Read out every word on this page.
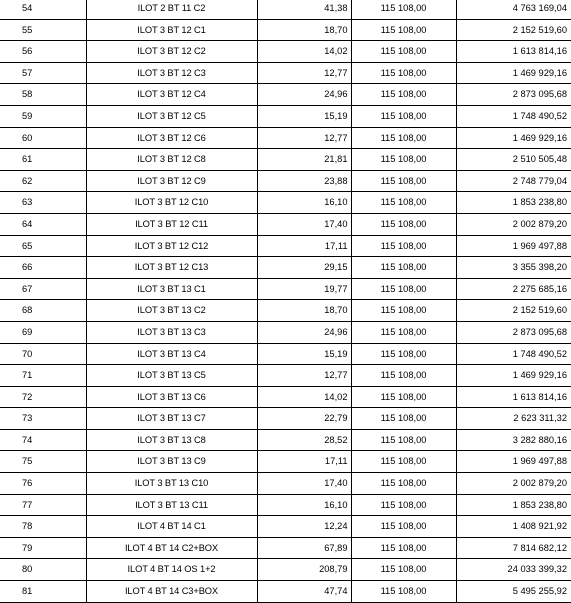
54	ILOT 2 BT 11 C2	41,38	115 108,00	4 763 169,04
55	ILOT 3 BT 12 C1	18,70	115 108,00	2 152 519,60
56	ILOT 3 BT 12 C2	14,02	115 108,00	1 613 814,16
57	ILOT 3 BT 12 C3	12,77	115 108,00	1 469 929,16
58	ILOT 3 BT 12 C4	24,96	115 108,00	2 873 095,68
59	ILOT 3 BT 12 C5	15,19	115 108,00	1 748 490,52
60	ILOT 3 BT 12 C6	12,77	115 108,00	1 469 929,16
61	ILOT 3 BT 12 C8	21,81	115 108,00	2 510 505,48
62	ILOT 3 BT 12 C9	23,88	115 108,00	2 748 779,04
63	ILOT 3 BT 12 C10	16,10	115 108,00	1 853 238,80
64	ILOT 3 BT 12 C11	17,40	115 108,00	2 002 879,20
65	ILOT 3 BT 12 C12	17,11	115 108,00	1 969 497,88
66	ILOT 3 BT 12 C13	29,15	115 108,00	3 355 398,20
67	ILOT 3 BT 13 C1	19,77	115 108,00	2 275 685,16
68	ILOT 3 BT 13 C2	18,70	115 108,00	2 152 519,60
69	ILOT 3 BT 13 C3	24,96	115 108,00	2 873 095,68
70	ILOT 3 BT 13 C4	15,19	115 108,00	1 748 490,52
71	ILOT 3 BT 13 C5	12,77	115 108,00	1 469 929,16
72	ILOT 3 BT 13 C6	14,02	115 108,00	1 613 814,16
73	ILOT 3 BT 13 C7	22,79	115 108,00	2 623 311,32
74	ILOT 3 BT 13 C8	28,52	115 108,00	3 282 880,16
75	ILOT 3 BT 13 C9	17,11	115 108,00	1 969 497,88
76	ILOT 3 BT 13 C10	17,40	115 108,00	2 002 879,20
77	ILOT 3 BT 13 C11	16,10	115 108,00	1 853 238,80
78	ILOT 4 BT 14 C1	12,24	115 108,00	1 408 921,92
79	ILOT 4 BT 14 C2+BOX	67,89	115 108,00	7 814 682,12
80	ILOT 4 BT 14 OS 1+2	208,79	115 108,00	24 033 399,32
81	ILOT 4 BT 14 C3+BOX	47,74	115 108,00	5 495 255,92
